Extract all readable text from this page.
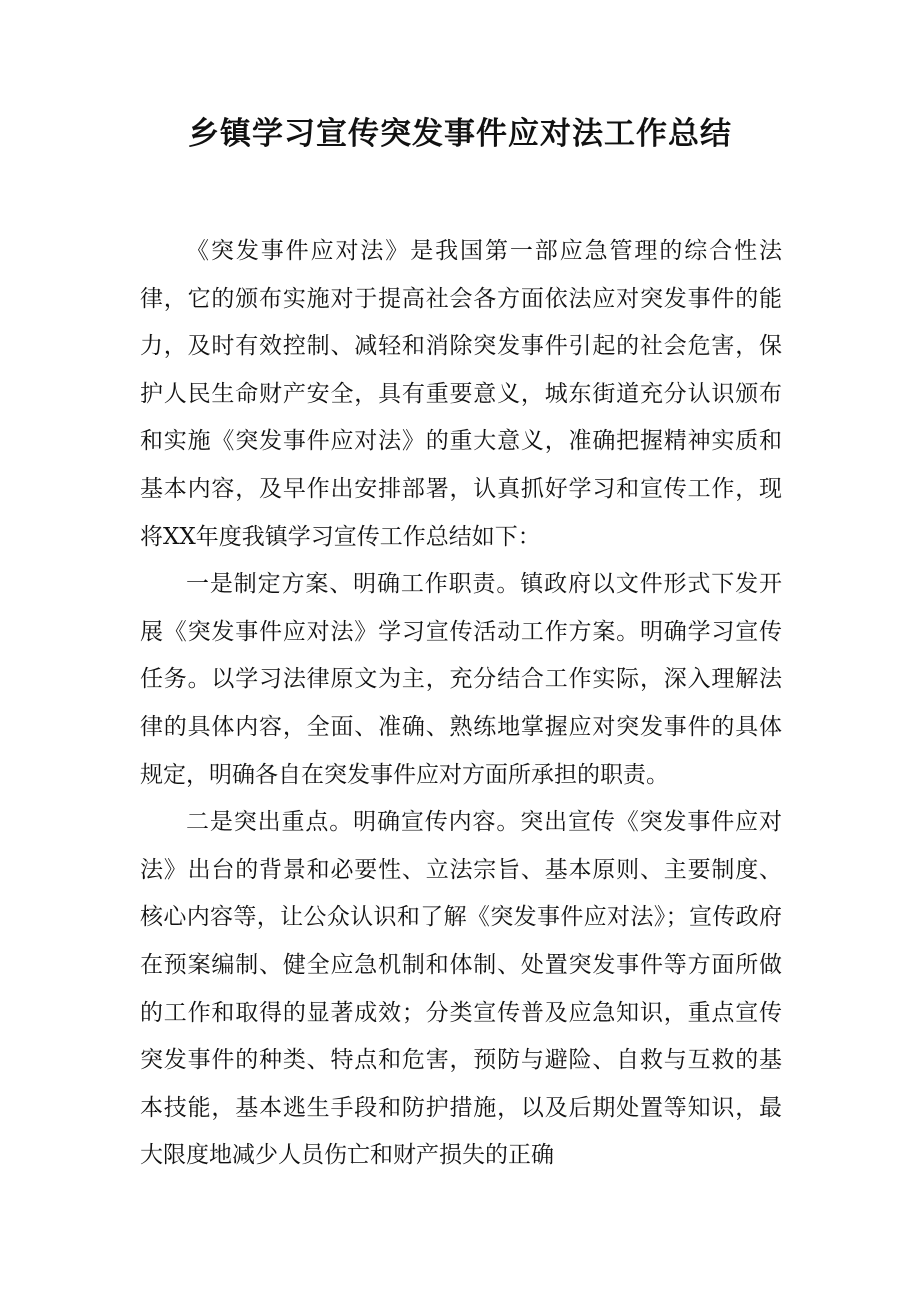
乡镇学习宣传突发事件应对法工作总结

《突发事件应对法》是我国第一部应急管理的综合性法律，它的颁布实施对于提高社会各方面依法应对突发事件的能力，及时有效控制、减轻和消除突发事件引起的社会危害，保护人民生命财产安全，具有重要意义，城东街道充分认识颁布和实施《突发事件应对法》的重大意义，准确把握精神实质和基本内容，及早作出安排部署，认真抓好学习和宣传工作，现将XX年度我镇学习宣传工作总结如下：

一是制定方案、明确工作职责。镇政府以文件形式下发开展《突发事件应对法》学习宣传活动工作方案。明确学习宣传任务。以学习法律原文为主，充分结合工作实际，深入理解法律的具体内容，全面、准确、熟练地掌握应对突发事件的具体规定，明确各自在突发事件应对方面所承担的职责。

二是突出重点。明确宣传内容。突出宣传《突发事件应对法》出台的背景和必要性、立法宗旨、基本原则、主要制度、核心内容等，让公众认识和了解《突发事件应对法》；宣传政府在预案编制、健全应急机制和体制、处置突发事件等方面所做的工作和取得的显著成效；分类宣传普及应急知识，重点宣传突发事件的种类、特点和危害，预防与避险、自救与互救的基本技能，基本逃生手段和防护措施，以及后期处置等知识，最大限度地减少人员伤亡和财产损失的正确
